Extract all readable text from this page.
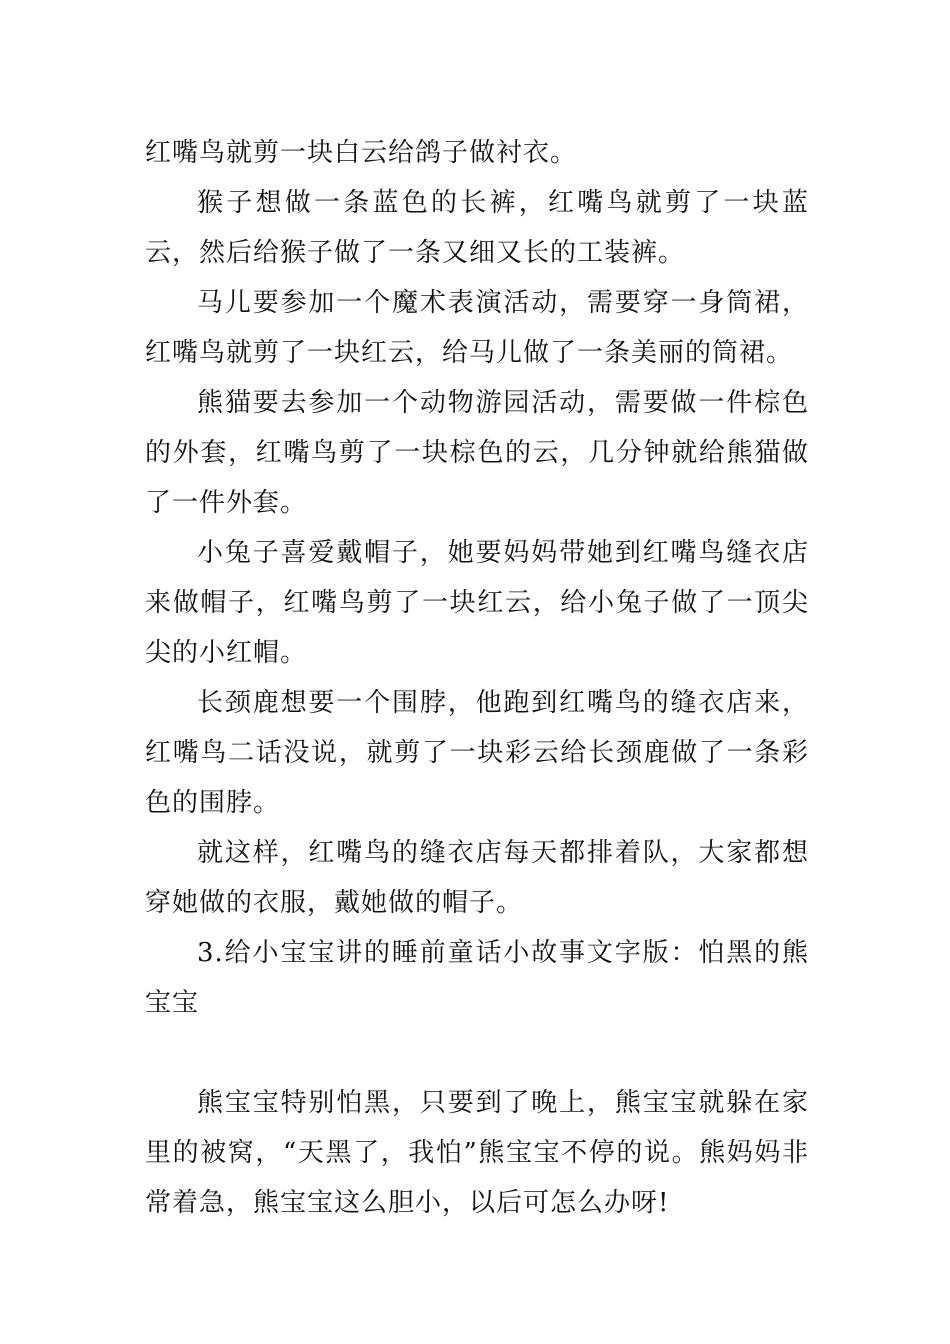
红嘴鸟就剪一块白云给鸽子做衬衣。

猴子想做一条蓝色的长裤，红嘴鸟就剪了一块蓝云，然后给猴子做了一条又细又长的工装裤。

马儿要参加一个魔术表演活动，需要穿一身筒裙，红嘴鸟就剪了一块红云，给马儿做了一条美丽的筒裙。

熊猫要去参加一个动物游园活动，需要做一件棕色的外套，红嘴鸟剪了一块棕色的云，几分钟就给熊猫做了一件外套。

小兔子喜爱戴帽子，她要妈妈带她到红嘴鸟缝衣店来做帽子，红嘴鸟剪了一块红云，给小兔子做了一顶尖尖的小红帽。

长颈鹿想要一个围脖，他跑到红嘴鸟的缝衣店来，红嘴鸟二话没说，就剪了一块彩云给长颈鹿做了一条彩色的围脖。

就这样，红嘴鸟的缝衣店每天都排着队，大家都想穿她做的衣服，戴她做的帽子。

3.给小宝宝讲的睡前童话小故事文字版：怕黑的熊宝宝

熊宝宝特别怕黑，只要到了晚上，熊宝宝就躲在家里的被窝，“天黑了，我怕”熊宝宝不停的说。熊妈妈非常着急，熊宝宝这么胆小，以后可怎么办呀!
